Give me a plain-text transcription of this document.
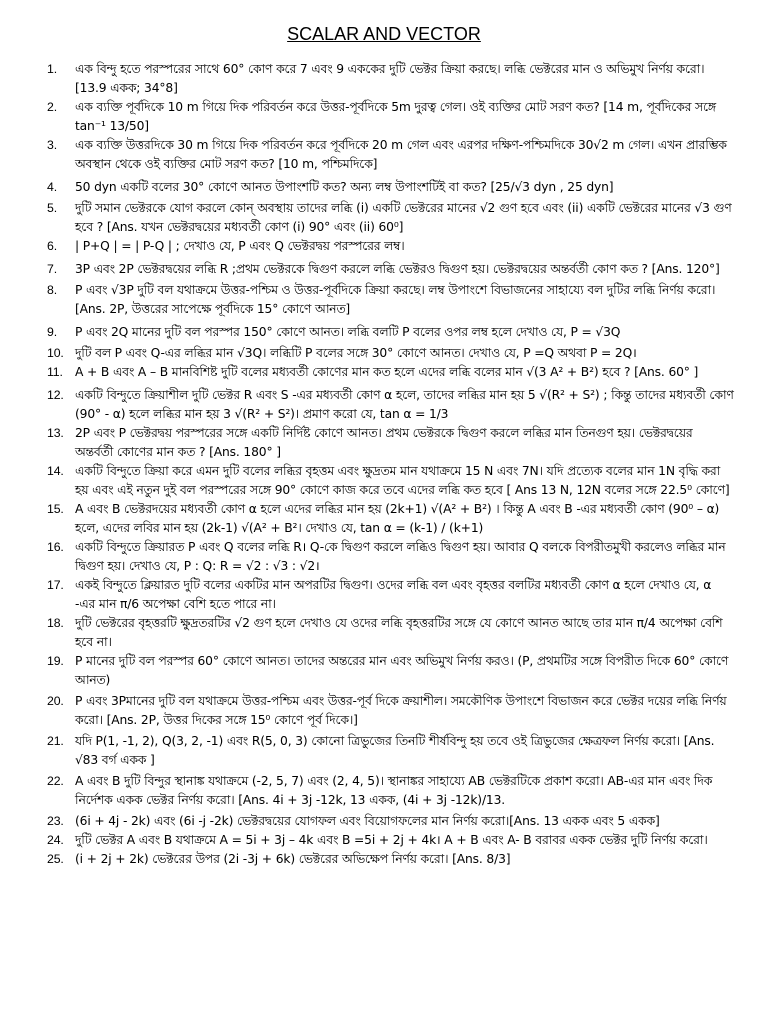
SCALAR AND VECTOR
1.	এক বিন্দু হতে পরস্পরের সাথে 60° কোণ করে 7 এবং 9 এককের দুটি ভেক্টর ক্রিয়া করছে। লব্ধি ভেক্টরের মান ও অভিমুখ নির্ণয় করো। [13.9 একক; 34°8]
2.	এক ব্যক্তি পূর্বদিকে 10 m গিয়ে দিক পরিবর্তন করে উত্তর-পূর্বদিকে 5m দুরত্ব গেল। ওই ব্যক্তির মোট সরণ কত? [14 m, পূর্বদিকের সঙ্গে tan⁻¹ 13/50]
3.	এক ব্যক্তি উত্তরদিকে 30 m গিয়ে দিক পরিবর্তন করে পূর্বদিকে 20 m গেল এবং এরপর দক্ষিণ-পশ্চিমদিকে 30√2 m গেল। এখন প্রারম্ভিক অবস্থান থেকে ওই ব্যক্তির মোট সরণ কত? [10 m, পশ্চিমদিকে]
4.	50 dyn একটি বলের 30° কোণে আনত উপাংশটি কত? অন্য লম্ব উপাংশটিই বা কত? [25/√3 dyn , 25 dyn]
5.	দুটি সমান ভেক্টরকে যোগ করলে কোন্‌ অবস্থায় তাদের লব্ধি (i) একটি ভেক্টরের মানের √2 গুণ হবে এবং (ii) একটি ভেক্টরের মানের √3 গুণ হবে ? [Ans. যখন ভেক্টরদ্বয়ের মধ্যবর্তী কোণ (i) 90° এবং (ii) 60⁰]
6.	| P+Q | = | P-Q | ; দেখাও যে, P এবং Q ভেক্টরদ্বয় পরস্পরের লম্ব।
7.	3P এবং 2P ভেক্টরদ্বয়ের লব্ধি R ;প্রথম ভেক্টরকে দ্বিগুণ করলে লব্ধি ভেক্টরও দ্বিগুণ হয়। ভেক্টরদ্বয়ের অন্তর্বর্তী কোণ কত ? [Ans. 120°]
8.	P এবং √3P দুটি বল যথাক্রমে উত্তর-পশ্চিম ও উত্তর-পূর্বদিকে ক্রিয়া করছে। লম্ব উপাংশে বিভাজনের সাহায্যে বল দুটির লব্ধি নির্ণয় করো। [Ans. 2P, উত্তরের সাপেক্ষে পূর্বদিকে 15° কোণে আনত]
9.	P এবং 2Q মানের দুটি বল পরস্পর 150° কোণে আনত। লব্ধি বলটি P বলের ওপর লম্ব হলে দেখাও যে, P = √3Q
10. দুটি বল P এবং Q-এর লব্ধির মান √3Q। লব্ধিটি P বলের সঙ্গে 30° কোণে আনত। দেখাও যে, P =Q অথবা P = 2Q।
11. A + B এবং A – B মানবিশিষ্ট দুটি বলের মধ্যবর্তী কোণের মান কত হলে এদের লব্ধি বলের মান √(3 A² + B²) হবে ? [Ans. 60° ]
12. একটি বিন্দুতে ক্রিয়াশীল দুটি ভেক্টর R এবং S -এর মধ্যবর্তী কোণ α হলে, তাদের লব্ধির মান হয় 5 √(R² + S²) ; কিন্তু তাদের মধ্যবর্তী কোণ (90° - α) হলে লব্ধির মান হয় 3 √(R² + S²)। প্রমাণ করো যে, tan α = 1/3
13. 2P এবং P ভেক্টরদ্বয় পরস্পরের সঙ্গে একটি নির্দিষ্ট কোণে আনত। প্রথম ভেক্টরকে দ্বিগুণ করলে লব্ধির মান তিনগুণ হয়। ভেক্টরদ্বয়ের অন্তর্বর্তী কোণের মান কত ? [Ans. 180° ]
14. একটি বিন্দুতে ক্রিয়া করে এমন দুটি বলের লব্ধির বৃহত্তম এবং ক্ষুদ্রতম মান যথাক্রমে 15 N এবং 7N। যদি প্রত্যেক বলের মান 1N বৃদ্ধি করা হয় এবং এই নতুন দুই বল পরস্পরের সঙ্গে 90° কোণে কাজ করে তবে এদের লব্ধি কত হবে [ Ans 13 N, 12N বলের সঙ্গে 22.5⁰ কোণে]
15. A এবং B ভেক্টরদয়ের মধ্যবর্তী কোণ α হলে এদের লব্ধির মান হয় (2k+1) √(A² + B²) । কিন্তু A এবং B -এর মধ্যবর্তী কোণ (90⁰ – α) হলে, এদের লবির মান হয় (2k-1) √(A² + B²। দেখাও যে, tan α = (k-1) / (k+1)
16. একটি বিন্দুতে ক্রিয়ারত P এবং Q বলের লব্ধি R। Q-কে দ্বিগুণ করলে লব্ধিও দ্বিগুণ হয়। আবার Q বলকে বিপরীতমুখী করলেও লব্ধির মান দ্বিগুণ হয়। দেখাও যে, P : Q: R = √2 : √3 : √2।
17. একই বিন্দুতে ক্লিয়ারত দুটি বলের একটির মান অপরটির দ্বিগুণ। ওদের লব্ধি বল এবং বৃহত্তর বলটির মধ্যবর্তী কোণ α হলে দেখাও যে, α -এর মান π/6 অপেক্ষা বেশি হতে পারে না।
18. দুটি ভেক্টরের বৃহত্তরটি ক্ষুদ্রতরটির √2 গুণ হলে দেখাও যে ওদের লব্ধি বৃহত্তরটির সঙ্গে যে কোণে আনত আছে তার মান π/4 অপেক্ষা বেশি হবে না।
19. P মানের দুটি বল পরস্পর 60° কোণে আনত। তাদের অন্তরের মান এবং অভিমুখ নির্ণয় করও। (P, প্রথমটির সঙ্গে বিপরীত দিকে 60° কোণে আনত)
20. P এবং 3Pমানের দুটি বল যথাক্রমে উত্তর-পশ্চিম এবং উত্তর-পূর্ব দিকে ক্রয়াশীল। সমকৌণিক উপাংশে বিভাজন করে ভেক্টর দয়ের লব্ধি নির্ণয় করো। [Ans. 2P, উত্তর দিকের সঙ্গে 15⁰ কোণে পূর্ব দিকে।]
21. যদি P(1, -1, 2), Q(3, 2, -1) এবং R(5, 0, 3) কোনো ত্রিভুজের তিনটি শীর্ষবিন্দু হয় তবে ওই ত্রিভুজের ক্ষেত্রফল নির্ণয় করো। [Ans. √83 বর্গ একক ]
22. A এবং B দুটি বিন্দুর স্থানাঙ্ক যথাক্রমে (-2, 5, 7) এবং (2, 4, 5)। স্থানাঙ্কর সাহায্যে AB ভেক্টরটিকে প্রকাশ করো। AB-এর মান এবং দিক নির্দেশক একক ভেক্টর নির্ণয় করো। [Ans. 4i + 3j -12k, 13 একক, (4i + 3j -12k)/13.
23. (6i + 4j - 2k) এবং (6i -j -2k) ভেক্টরদ্বয়ের যোগফল এবং বিয়োগফলের মান নির্ণয় করো।[Ans. 13 একক এবং 5 একক]
24. দুটি ভেক্টর A এবং B যথাক্রমে A = 5i + 3j – 4k এবং B =5i + 2j + 4k। A + B এবং A- B বরাবর একক ভেক্টর দুটি নির্ণয় করো।
25. (i + 2j + 2k) ভেক্টরের উপর (2i -3j + 6k) ভেক্টরের অভিক্ষেপ নির্ণয় করো। [Ans. 8/3]
